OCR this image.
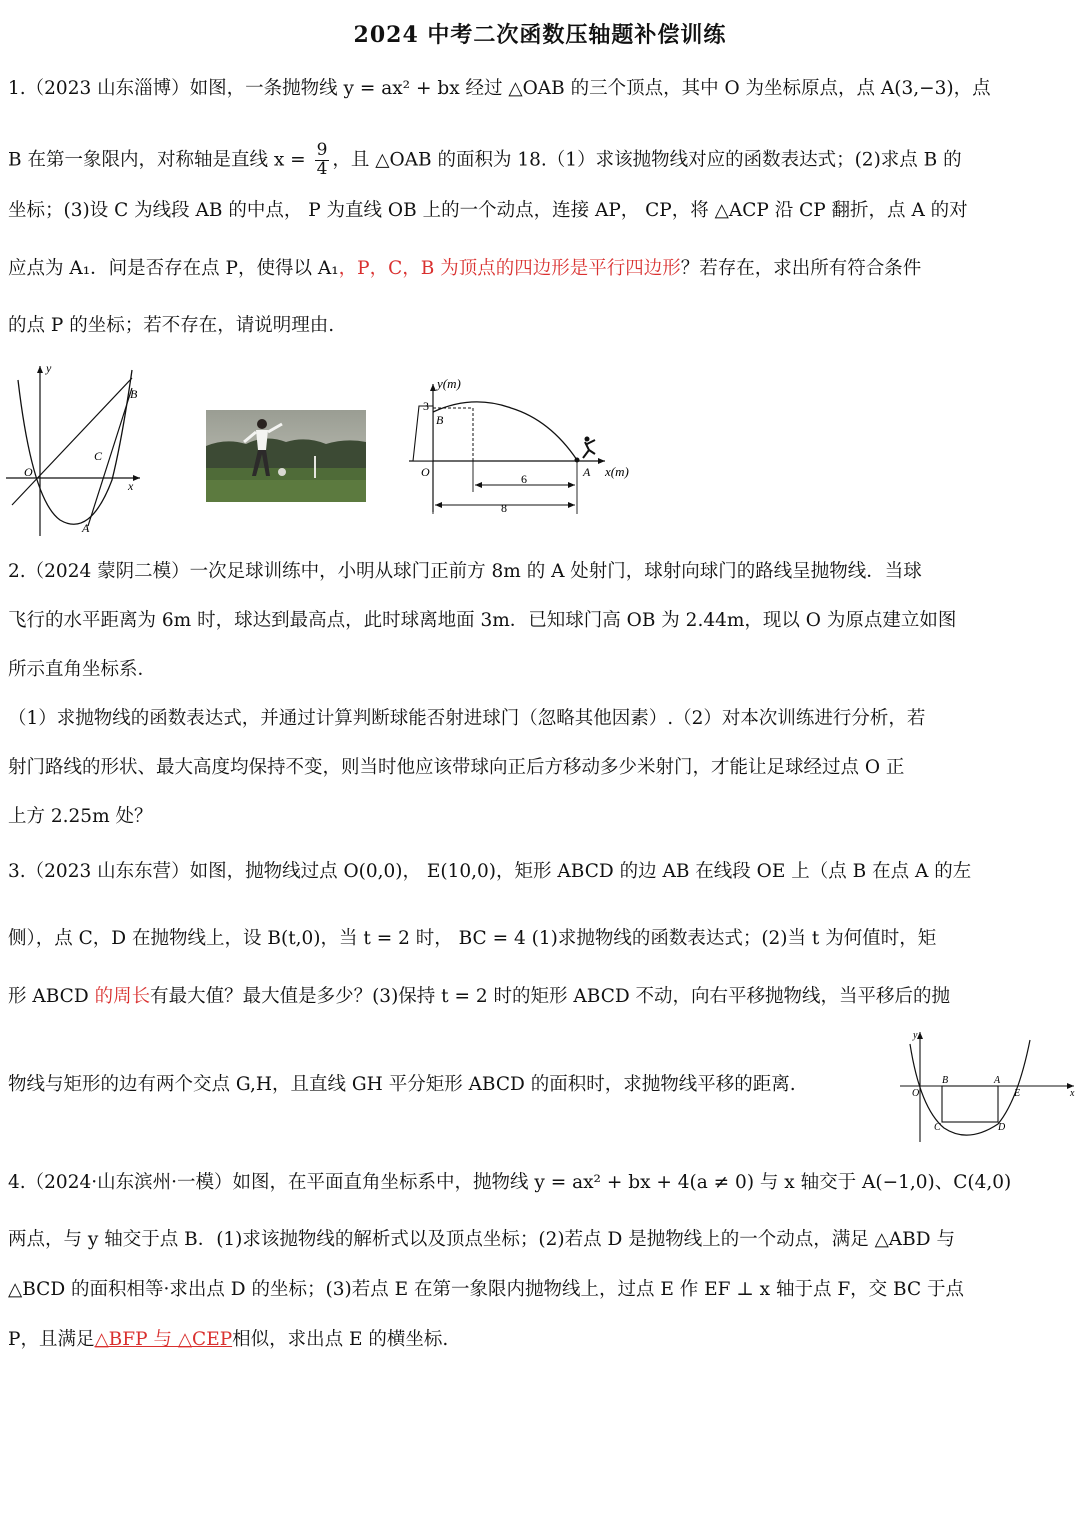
2024 中考二次函数压轴题补偿训练
1.（2023 山东淄博）如图，一条抛物线 y = ax² + bx 经过 △OAB 的三个顶点，其中 O 为坐标原点，点 A(3,−3)，点
B 在第一象限内，对称轴是直线 $x = \frac{9}{4}$ ，且 △OAB 的面积为 18.（1）求该抛物线对应的函数表达式；(2)求点 B 的
坐标；(3)设 C 为线段 AB 的中点， P 为直线 OB 上的一个动点，连接 AP， CP，将 △ACP 沿 CP 翻折，点 A 的对
应点为 A₁．问是否存在点 P，使得以 A₁，P，C，B 为顶点的四边形是平行四边形？若存在，求出所有符合条件
的点 P 的坐标；若不存在，请说明理由.
y
x
O
B
C
A
y(m)
3
B
O	A x(m)
6
8
2.（2024 蒙阴二模）一次足球训练中，小明从球门正前方 8m 的 A 处射门，球射向球门的路线呈抛物线．当球
飞行的水平距离为 6m 时，球达到最高点，此时球离地面 3m．已知球门高 OB 为 2.44m，现以 O 为原点建立如图
所示直角坐标系．
（1）求抛物线的函数表达式，并通过计算判断球能否射进球门（忽略其他因素）.（2）对本次训练进行分析，若
射门路线的形状、最大高度均保持不变，则当时他应该带球向正后方移动多少米射门，才能让足球经过点 O 正
上方 2.25m 处？
3.（2023 山东东营）如图，抛物线过点 O(0,0)， E(10,0)，矩形 ABCD 的边 AB 在线段 OE 上（点 B 在点 A 的左
侧），点 C，D 在抛物线上，设 B(t,0)，当 t = 2 时， BC = 4 (1)求抛物线的函数表达式；(2)当 t 为何值时，矩
形 ABCD 的周长有最大值？最大值是多少？(3)保持 t = 2 时的矩形 ABCD 不动，向右平移抛物线，当平移后的抛
物线与矩形的边有两个交点 G,H，且直线 GH 平分矩形 ABCD 的面积时，求抛物线平移的距离.
y
x
O
B	A
E
C	D
4.（2024·山东滨州·一模）如图，在平面直角坐标系中，抛物线 y = ax² + bx + 4(a ≠ 0) 与 x 轴交于 A(−1,0)、C(4,0)
两点，与 y 轴交于点 B．(1)求该抛物线的解析式以及顶点坐标；(2)若点 D 是抛物线上的一个动点，满足 △ABD 与
△BCD 的面积相等·求出点 D 的坐标；(3)若点 E 在第一象限内抛物线上，过点 E 作 EF ⊥ x 轴于点 F，交 BC 于点
P，且满足△BFP 与 △CEP相似，求出点 E 的横坐标.
